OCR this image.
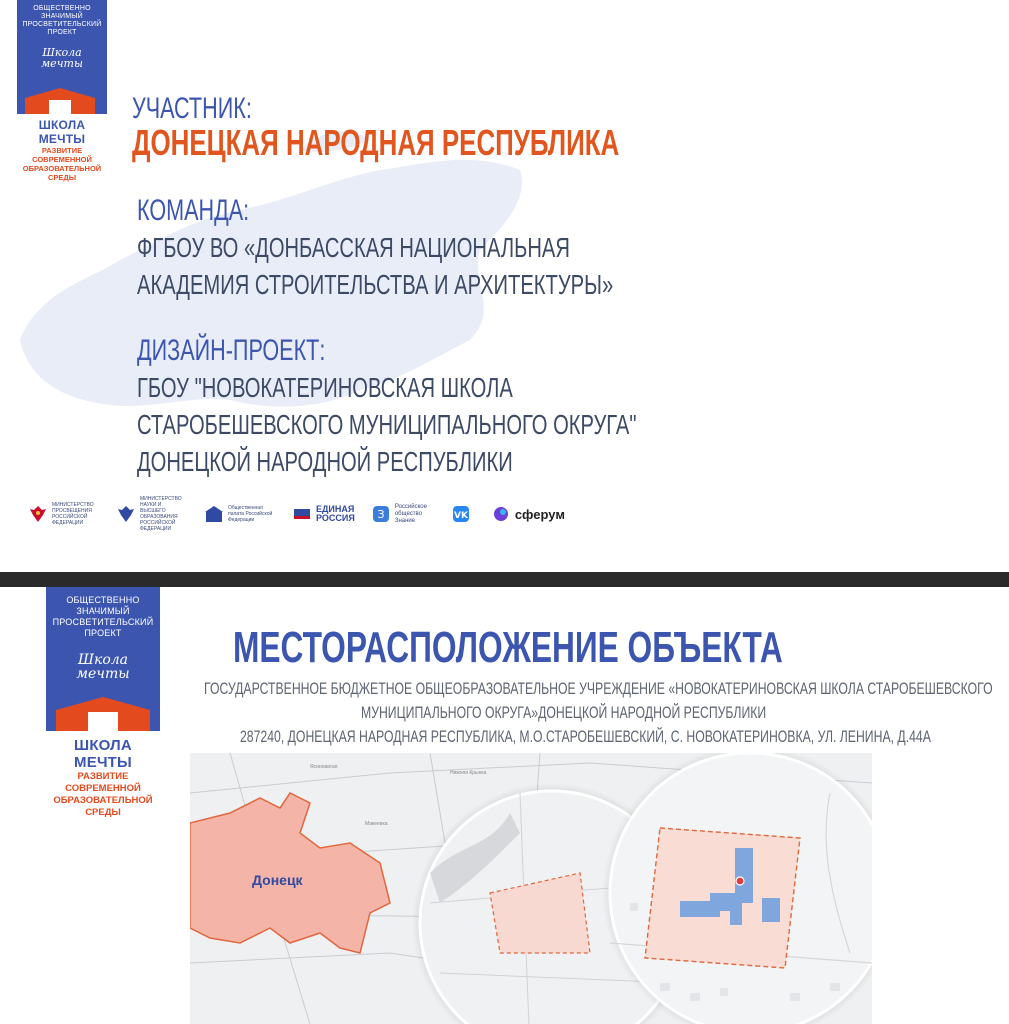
ОБЩЕСТВЕННО ЗНАЧИМЫЙ
ПРОСВЕТИТЕЛЬСКИЙ ПРОЕКТ
Школа
мечты
ШКОЛА МЕЧТЫ
РАЗВИТИЕ СОВРЕМЕННОЙ
ОБРАЗОВАТЕЛЬНОЙ СРЕДЫ
УЧАСТНИК:
ДОНЕЦКАЯ НАРОДНАЯ РЕСПУБЛИКА
КОМАНДА:
ФГБОУ ВО «ДОНБАССКАЯ НАЦИОНАЛЬНАЯ
АКАДЕМИЯ СТРОИТЕЛЬСТВА И АРХИТЕКТУРЫ»
ДИЗАЙН-ПРОЕКТ:
ГБОУ "НОВОКАТЕРИНОВСКАЯ ШКОЛА
СТАРОБЕШЕВСКОГО МУНИЦИПАЛЬНОГО ОКРУГА"
ДОНЕЦКОЙ НАРОДНОЙ РЕСПУБЛИКИ
МИНИСТЕРСТВО ПРОСВЕЩЕНИЯ РОССИЙСКОЙ ФЕДЕРАЦИИ
МИНИСТЕРСТВО НАУКИ И ВЫСШЕГО ОБРАЗОВАНИЯ РОССИЙСКОЙ ФЕДЕРАЦИИ
Общественная палата Российской Федерации
ЕДИНАЯ
РОССИЯ З
Российское общество Знание	VK	сферум
ОБЩЕСТВЕННО ЗНАЧИМЫЙ
ПРОСВЕТИТЕЛЬСКИЙ ПРОЕКТ
Школа
мечты
ШКОЛА МЕЧТЫ
РАЗВИТИЕ СОВРЕМЕННОЙ
ОБРАЗОВАТЕЛЬНОЙ СРЕДЫ
МЕСТОРАСПОЛОЖЕНИЕ ОБЪЕКТА
ГОСУДАРСТВЕННОЕ БЮДЖЕТНОЕ ОБЩЕОБРАЗОВАТЕЛЬНОЕ УЧРЕЖДЕНИЕ «НОВОКАТЕРИНОВСКАЯ ШКОЛА СТАРОБЕШЕВСКОГО
МУНИЦИПАЛЬНОГО ОКРУГА»ДОНЕЦКОЙ НАРОДНОЙ РЕСПУБЛИКИ
287240, ДОНЕЦКАЯ НАРОДНАЯ РЕСПУБЛИКА, М.О.СТАРОБЕШЕВСКИЙ, С. НОВОКАТЕРИНОВКА, УЛ. ЛЕНИНА, Д.44А
Донецк
Ясиноватая
Макеевка
Нижняя Крынка
